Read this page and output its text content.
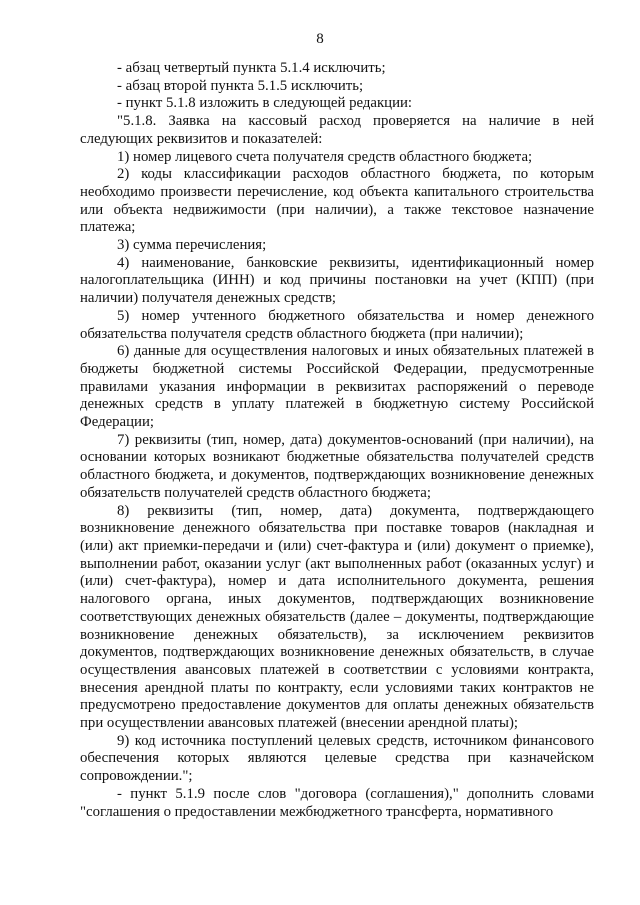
8

- абзац четвертый пункта 5.1.4 исключить;

- абзац второй пункта 5.1.5 исключить;

- пункт 5.1.8 изложить в следующей редакции:

"5.1.8. Заявка на кассовый расход проверяется на наличие в ней следующих реквизитов и показателей:

1) номер лицевого счета получателя средств областного бюджета;

2) коды классификации расходов областного бюджета, по которым необходимо произвести перечисление, код объекта капитального строительства или объекта недвижимости (при наличии), а также текстовое назначение платежа;

3) сумма перечисления;

4) наименование, банковские реквизиты, идентификационный номер налогоплательщика (ИНН) и код причины постановки на учет (КПП) (при наличии) получателя денежных средств;

5) номер учтенного бюджетного обязательства и номер денежного обязательства получателя средств областного бюджета (при наличии);

6) данные для осуществления налоговых и иных обязательных платежей в бюджеты бюджетной системы Российской Федерации, предусмотренные правилами указания информации в реквизитах распоряжений о переводе денежных средств в уплату платежей в бюджетную систему Российской Федерации;

7) реквизиты (тип, номер, дата) документов-оснований (при наличии), на основании которых возникают бюджетные обязательства получателей средств областного бюджета, и документов, подтверждающих возникновение денежных обязательств получателей средств областного бюджета;

8) реквизиты (тип, номер, дата) документа, подтверждающего возникновение денежного обязательства при поставке товаров (накладная и (или) акт приемки-передачи и (или) счет-фактура и (или) документ о приемке), выполнении работ, оказании услуг (акт выполненных работ (оказанных услуг) и (или) счет-фактура), номер и дата исполнительного документа, решения налогового органа, иных документов, подтверждающих возникновение соответствующих денежных обязательств (далее – документы, подтверждающие возникновение денежных обязательств), за исключением реквизитов документов, подтверждающих возникновение денежных обязательств, в случае осуществления авансовых платежей в соответствии с условиями контракта, внесения арендной платы по контракту, если условиями таких контрактов не предусмотрено предоставление документов для оплаты денежных обязательств при осуществлении авансовых платежей (внесении арендной платы);

9) код источника поступлений целевых средств, источником финансового обеспечения которых являются целевые средства при казначейском сопровождении.";

- пункт 5.1.9 после слов "договора (соглашения)," дополнить словами "соглашения о предоставлении межбюджетного трансферта, нормативного
